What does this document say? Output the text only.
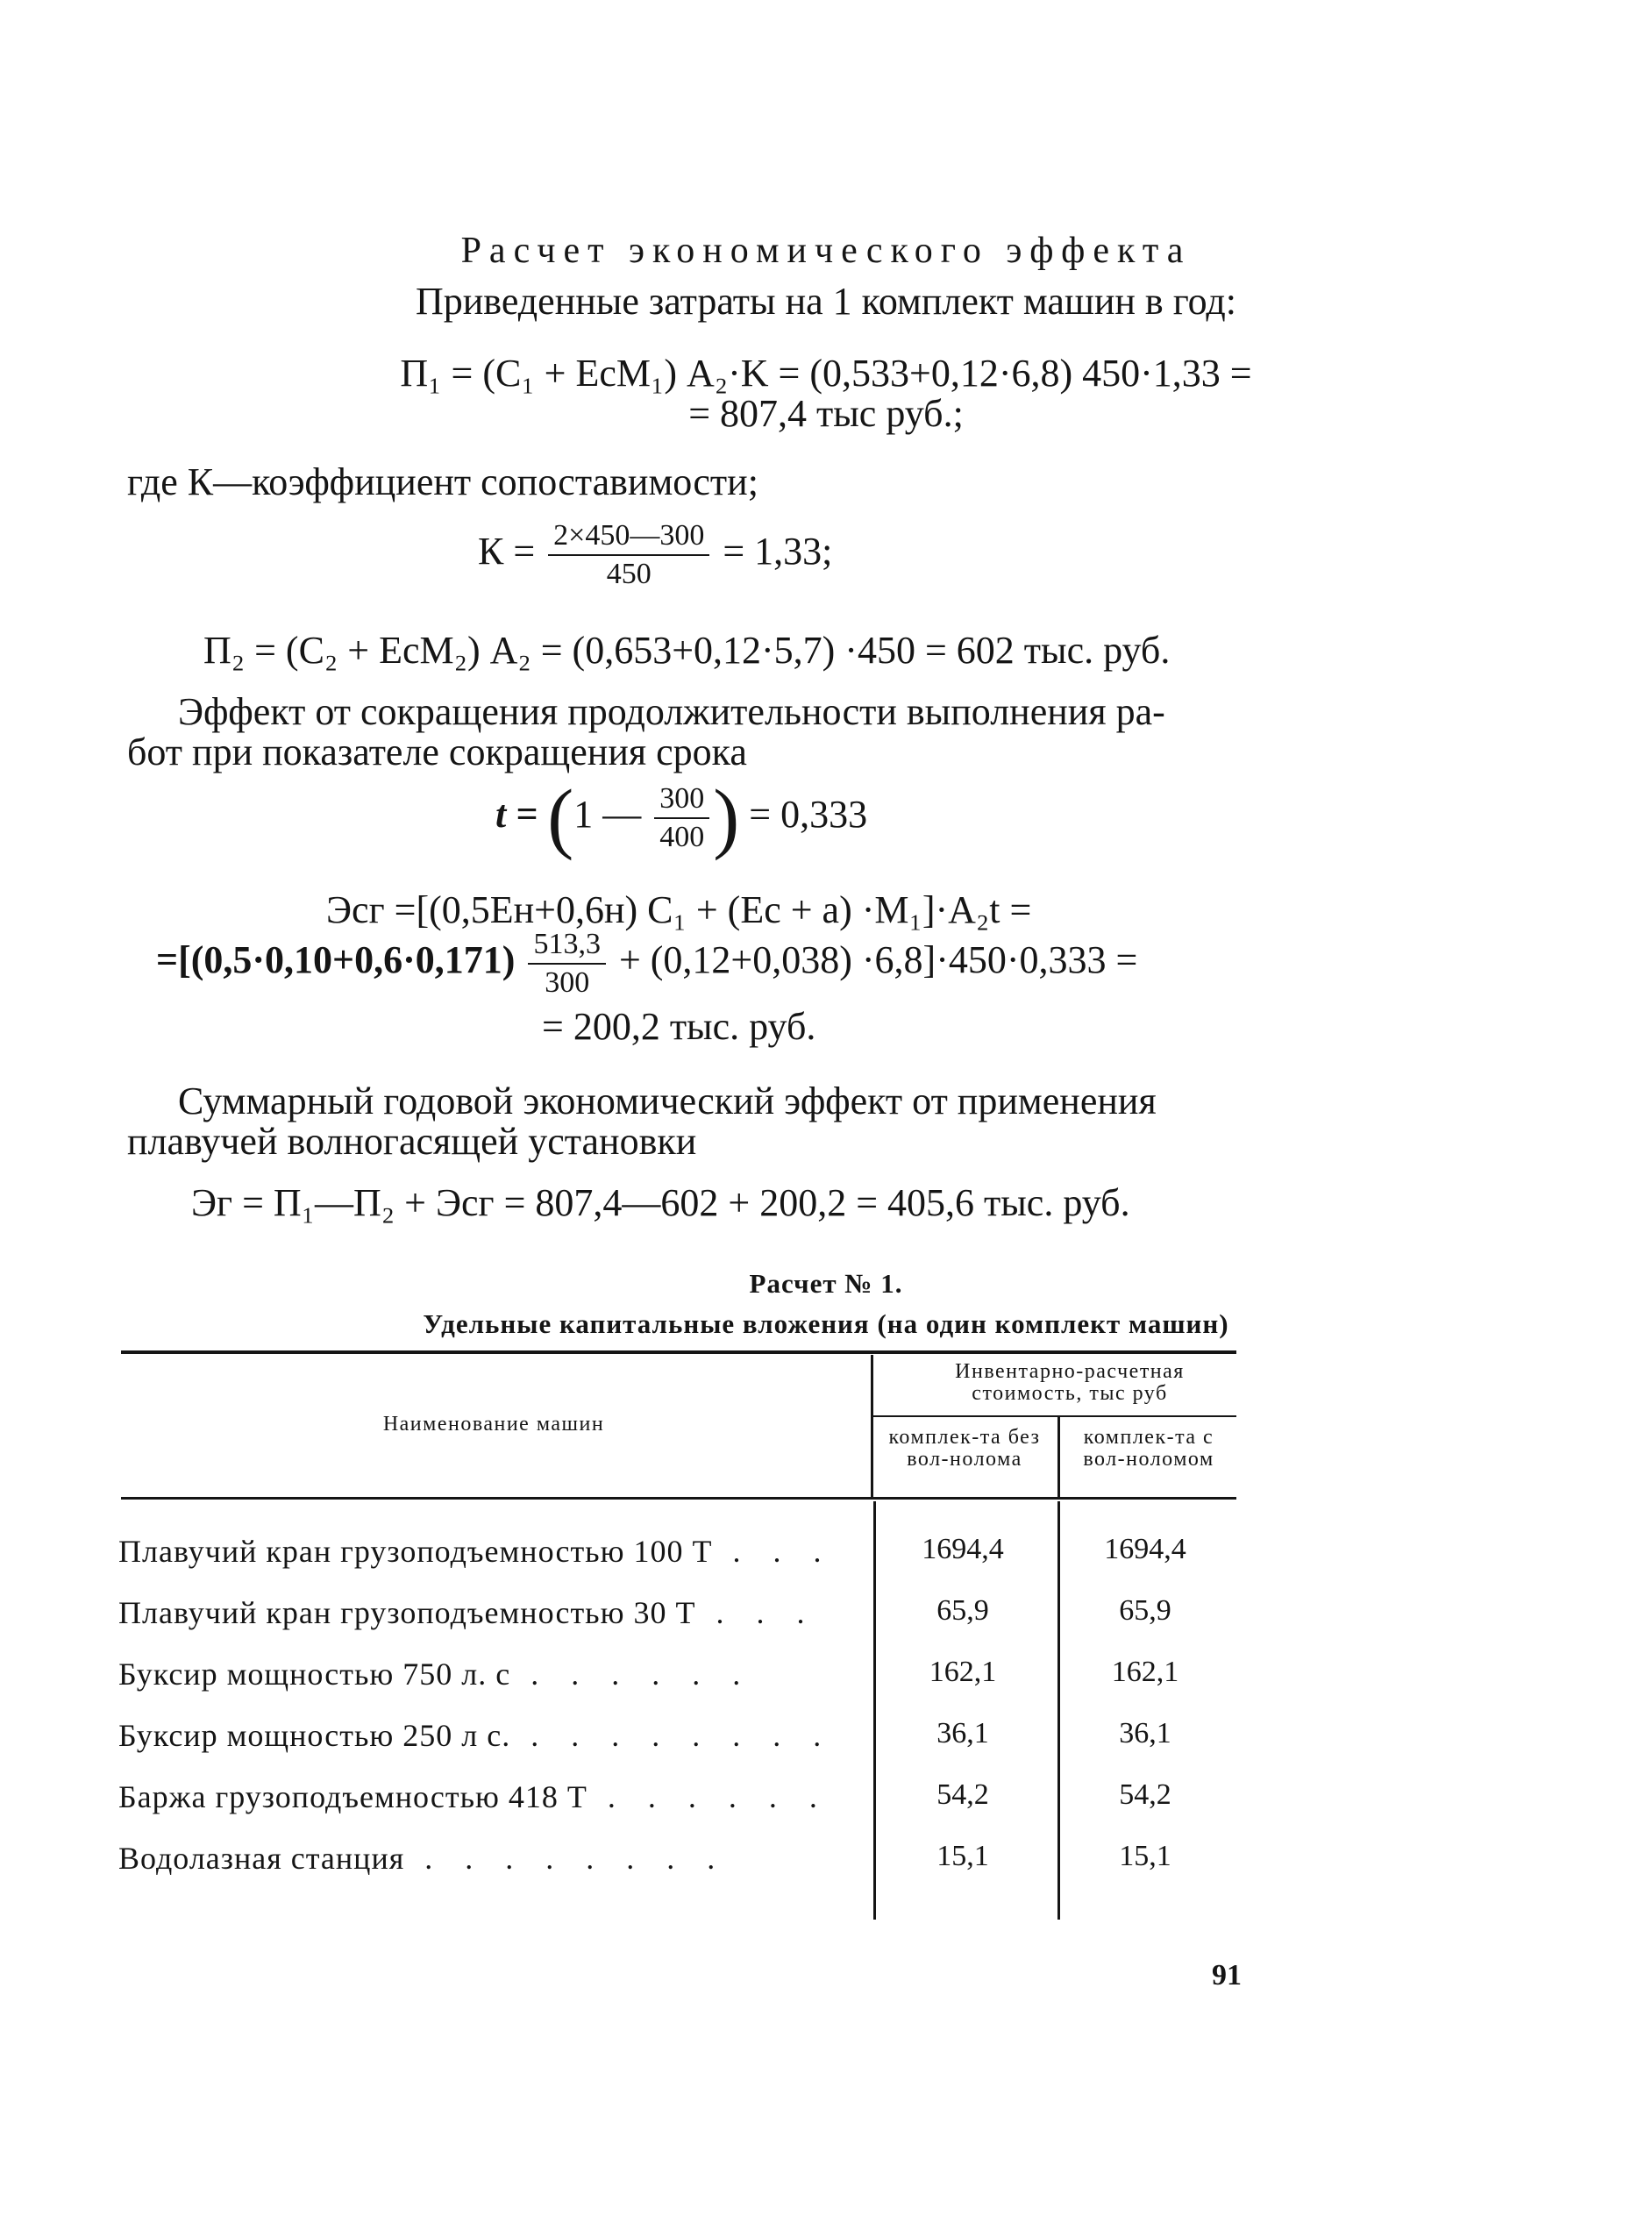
Расчет экономического эффекта
Приведенные затраты на 1 комплект машин в год:
П₁ = (C₁ + EcM₁) A₂·K = (0,533+0,12·6,8) 450·1,33 =
= 807,4 тыс руб.;
где К—коэффициент сопоставимости;
$К = \frac{2\times 450—300}{450} = 1,33$;
П₂ = (C₂ + EcM₂) A₂ = (0,653+0,12·5,7) ·450 = 602 тыс. руб.
Эффект от сокращения продолжительности выполнения ра-
бот при показателе сокращения срока
t = (1 — $\frac{300}{400}$ ) = 0,333
Эсг =[(0,5Eн+0,6н) C₁ + (Ec + a) ·M₁]·A₂t =
$=[(0,5\cdot 0,10+0,6\cdot 0,171) \frac{513,3}{300} + (0,12+0,038) \cdot 6,8]\cdot 450\cdot 0,333$ =
= 200,2 тыс. руб.
Суммарный годовой экономический эффект от применения
плавучей волногасящей установки
Эг = П₁—П₂ + Эсг = 807,4—602 + 200,2 = 405,6 тыс. руб.
Расчет № 1.
Удельные капитальные вложения (на один комплект машин)
Наименование машин
Инвентарно-расчетная стоимость, тыс руб
комплек-та без вол-нолома
комплек-та с вол-ноломом
Плавучий кран грузоподъемностью 100 Т . . .	1694,4	1694,4
Плавучий кран грузоподъемностью 30 Т . . .	65,9	65,9
Буксир мощностью 750 л. с . . . . . .	162,1	162,1
Буксир мощностью 250 л с. . . . . . . . .	36,1	36,1
Баржа грузоподъемностью 418 Т . . . . . .	54,2	54,2
Водолазная станция . . . . . . . .	15,1	15,1
91
